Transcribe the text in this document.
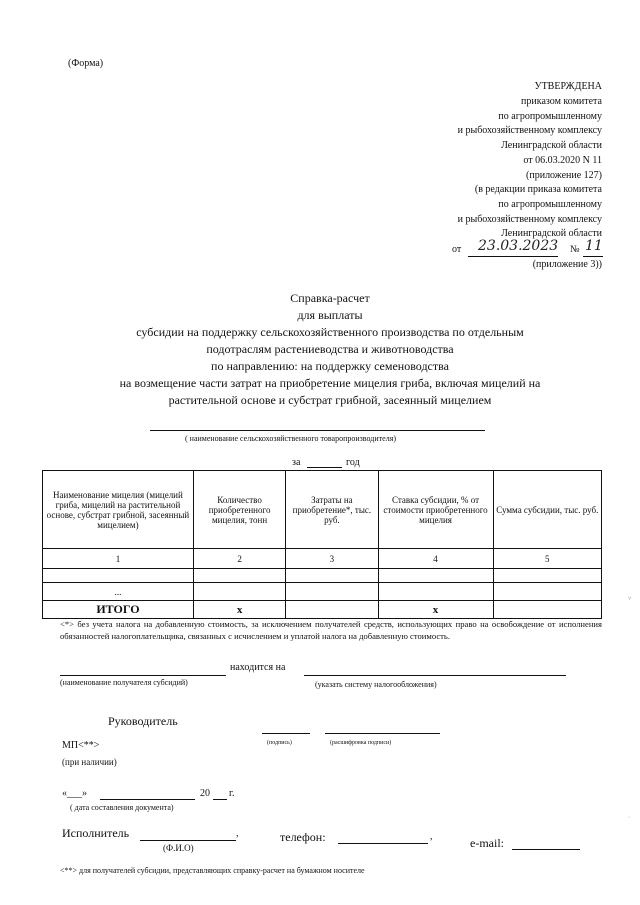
(Форма)
УТВЕРЖДЕНА
приказом комитета
по агропромышленному
и рыбохозяйственному комплексу
Ленинградской области
от 06.03.2020 N 11
(приложение 127)
(в редакции приказа комитета
по агропромышленному
и рыбохозяйственному комплексу
Ленинградской области
от 23.03.2023 № 11
(приложение 3))
Справка-расчет
для выплаты
субсидии на поддержку сельскохозяйственного производства по отдельным
подотраслям растениеводства и животноводства
по направлению: на поддержку семеноводства
на возмещение части затрат на приобретение мицелия гриба, включая мицелий на
растительной основе и субстрат грибной, засеянный мицелием
( наименование сельскохозяйственного товаропроизводителя)
за	год
Наименование мицелия (мицелий гриба, мицелий на растительной основе, субстрат грибной, засеянный мицелием)	Количество приобретенного мицелия, тонн	Затраты на приобретение*, тыс. руб.	Ставка субсидии, % от стоимости приобретенного мицелия	Сумма субсидии, тыс. руб.
1	2	3	4	5

...				
ИТОГО	x		x	
<*> без учета налога на добавленную стоимость, за исключением получателей средств, использующих право на освобождение от исполнения обязанностей налогоплательщика, связанных с исчислением и уплатой налога на добавленную стоимость.
находится на
(наименование получателя субсидий)	(указать систему налогообложения)
Руководитель
(подпись)	(расшифровка подписи)
МП<**>
(при наличии)
«___»	20 г.
( дата составления документа)
Исполнитель	,
(Ф.И.О)
телефон:	,	e-mail:
<**> для получателей субсидии, представляющих справку-расчет на бумажном носителе
˅
·
